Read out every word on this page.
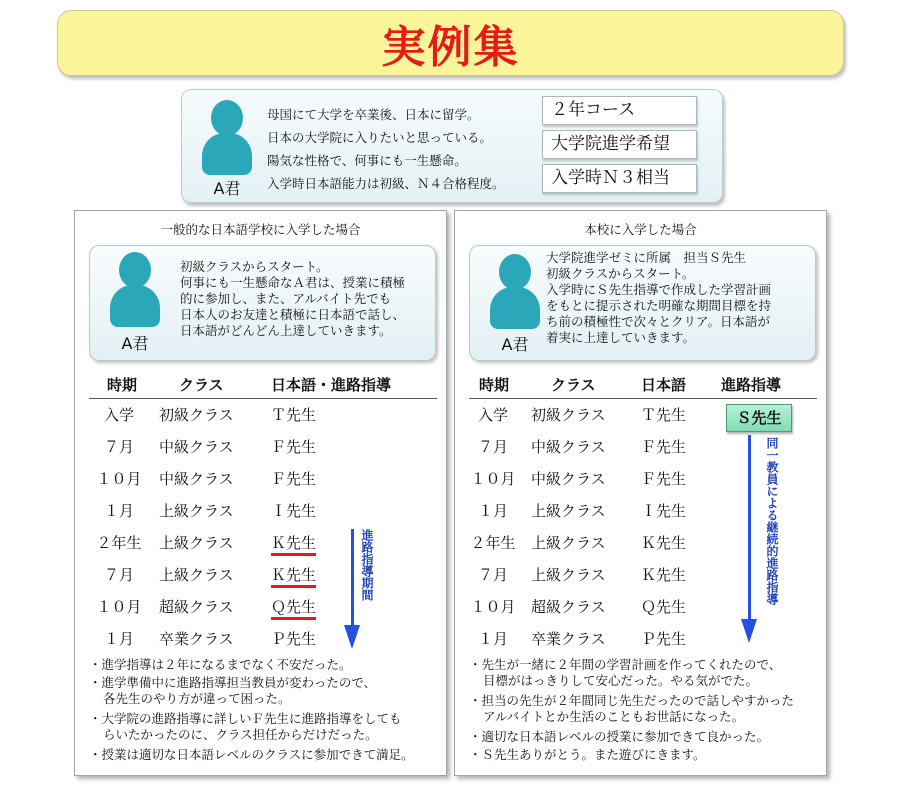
実例集
A君
母国にて大学を卒業後、日本に留学。
日本の大学院に入りたいと思っている。
陽気な性格で、何事にも一生懸命。
入学時日本語能力は初級、Ｎ４合格程度。
２年コース
大学院進学希望
入学時Ｎ３相当
一般的な日本語学校に入学した場合
A君
初級クラスからスタート。
何事にも一生懸命なＡ君は、授業に積極
的に参加し、また、アルバイト先でも
日本人のお友達と積極に日本語で話し、
日本語がどんどん上達していきます。
時期	クラス	日本語・進路指導
入学	初級クラス Ｔ先生
７月	中級クラス Ｆ先生
１０月	中級クラス Ｆ先生
１月	上級クラス Ｉ先生
２年生	上級クラス Ｋ先生
７月	上級クラス Ｋ先生
１０月	超級クラス Ｑ先生
１月	卒業クラス Ｐ先生
進路指導期間
・進学指導は２年になるまでなく不安だった。
・進学準備中に進路指導担当教員が変わったので、
各先生のやり方が違って困った。
・大学院の進路指導に詳しいＦ先生に進路指導をしても
らいたかったのに、クラス担任からだけだった。
・授業は適切な日本語レベルのクラスに参加できて満足。
本校に入学した場合
A君
大学院進学ゼミに所属　担当Ｓ先生
初級クラスからスタート。
入学時にＳ先生指導で作成した学習計画
をもとに提示された明確な期間目標を持
ち前の積極性で次々とクリア。日本語が
着実に上達していきます。
時期	クラス	日本語 進路指導
入学	初級クラス Ｔ先生
７月	中級クラス Ｆ先生
１０月	中級クラス Ｆ先生
１月	上級クラス Ｉ先生
２年生	上級クラス Ｋ先生
７月	上級クラス Ｋ先生
１０月	超級クラス Ｑ先生
１月	卒業クラス Ｐ先生
Ｓ先生
同一教員による継続的進路指導
・先生が一緒に２年間の学習計画を作ってくれたので、
目標がはっきりして安心だった。やる気がでた。
・担当の先生が２年間同じ先生だったので話しやすかった
アルバイトとか生活のこともお世話になった。
・適切な日本語レベルの授業に参加できて良かった。
・Ｓ先生ありがとう。また遊びにきます。
